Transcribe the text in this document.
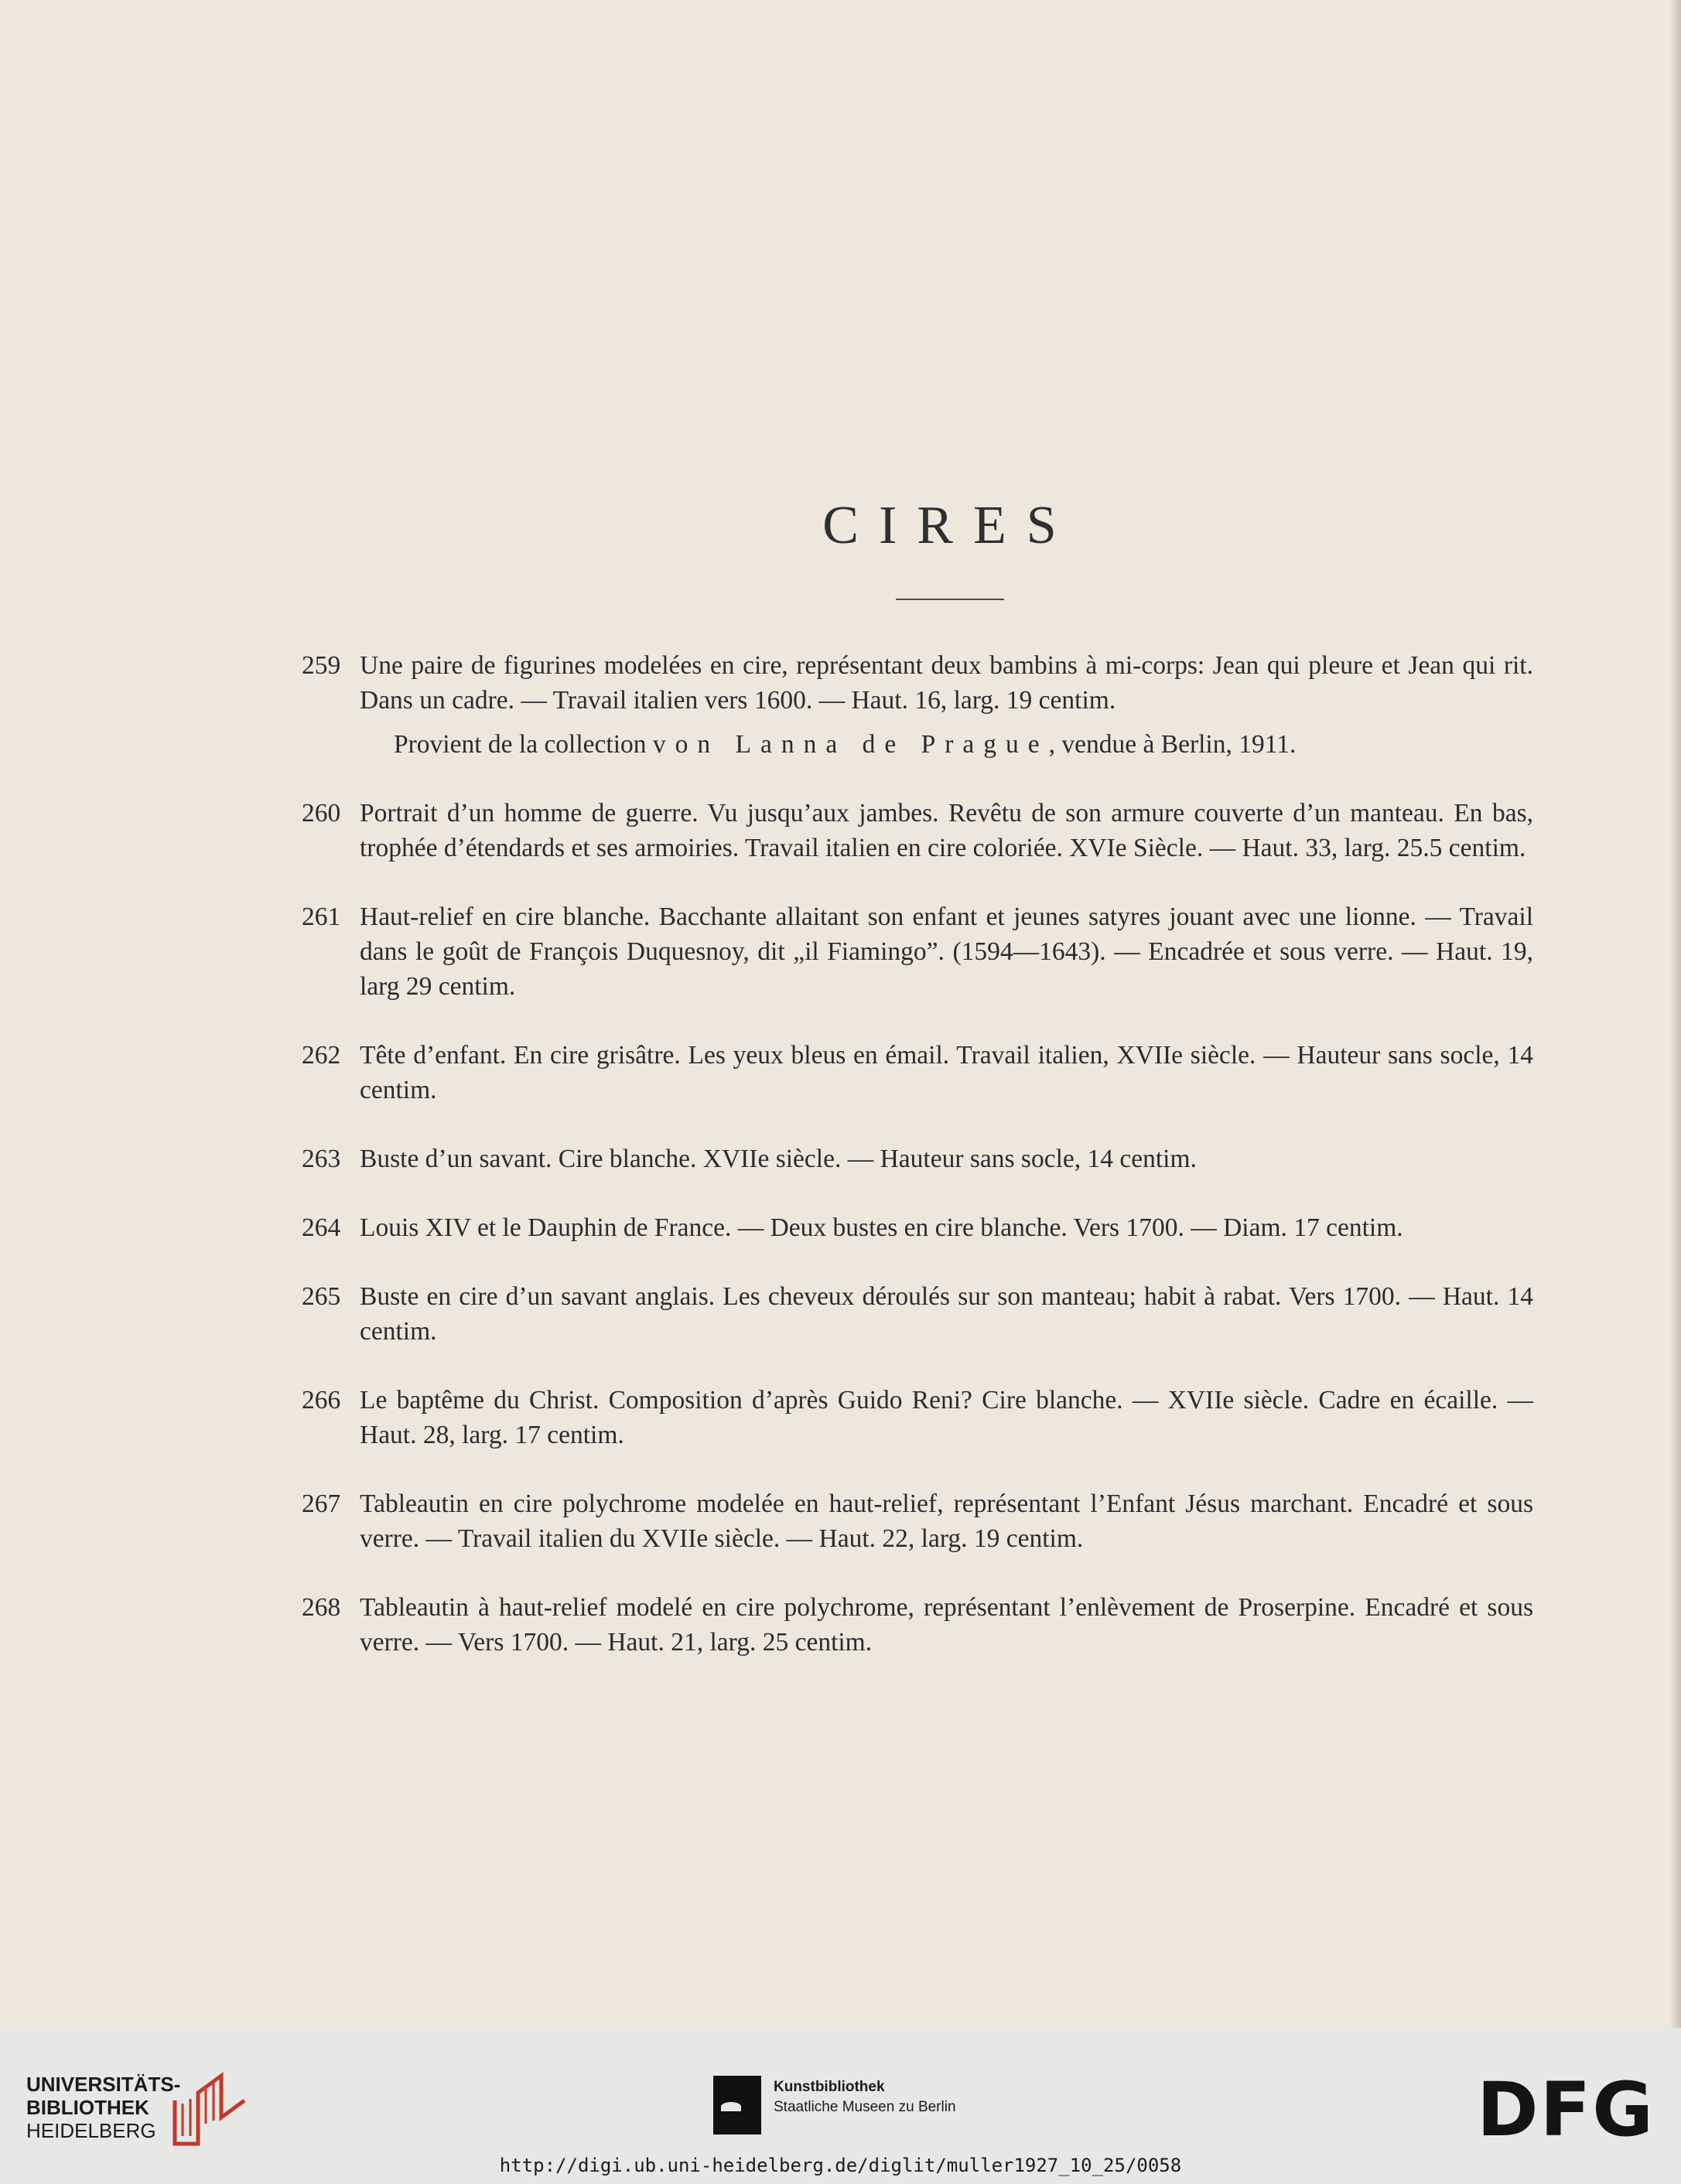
CIRES
259 Une paire de figurines modelées en cire, représentant deux bambins à mi-corps: Jean qui pleure et Jean qui rit. Dans un cadre. — Travail italien vers 1600. — Haut. 16, larg. 19 centim.
Provient de la collection von Lanna de Prague, vendue à Berlin, 1911.
260 Portrait d’un homme de guerre. Vu jusqu’aux jambes. Revêtu de son armure couverte d’un manteau. En bas, trophée d’étendards et ses armoiries. Travail italien en cire coloriée. XVIe Siècle. — Haut. 33, larg. 25.5 centim.
261 Haut-relief en cire blanche. Bacchante allaitant son enfant et jeunes satyres jouant avec une lionne. — Travail dans le goût de François Duquesnoy, dit „il Fiamingo”. (1594—1643). — Encadrée et sous verre. — Haut. 19, larg 29 centim.
262 Tête d’enfant. En cire grisâtre. Les yeux bleus en émail. Travail italien, XVIIe siècle. — Hauteur sans socle, 14 centim.
263 Buste d’un savant. Cire blanche. XVIIe siècle. — Hauteur sans socle, 14 centim.
264 Louis XIV et le Dauphin de France. — Deux bustes en cire blanche. Vers 1700. — Diam. 17 centim.
265 Buste en cire d’un savant anglais. Les cheveux déroulés sur son manteau; habit à rabat. Vers 1700. — Haut. 14 centim.
266 Le baptême du Christ. Composition d’après Guido Reni? Cire blanche. — XVIIe siècle. Cadre en écaille. — Haut. 28, larg. 17 centim.
267 Tableautin en cire polychrome modelée en haut-relief, représentant l’Enfant Jésus marchant. Encadré et sous verre. — Travail italien du XVIIe siècle. — Haut. 22, larg. 19 centim.
268 Tableautin à haut-relief modelé en cire polychrome, représentant l’enlèvement de Proserpine. Encadré et sous verre. — Vers 1700. — Haut. 21, larg. 25 centim.
UNIVERSITÄTS-
BIBLIOTHEK
HEIDELBERG
Kunstbibliothek
Staatliche Museen zu Berlin	DFG
http://digi.ub.uni-heidelberg.de/diglit/muller1927_10_25/0058
